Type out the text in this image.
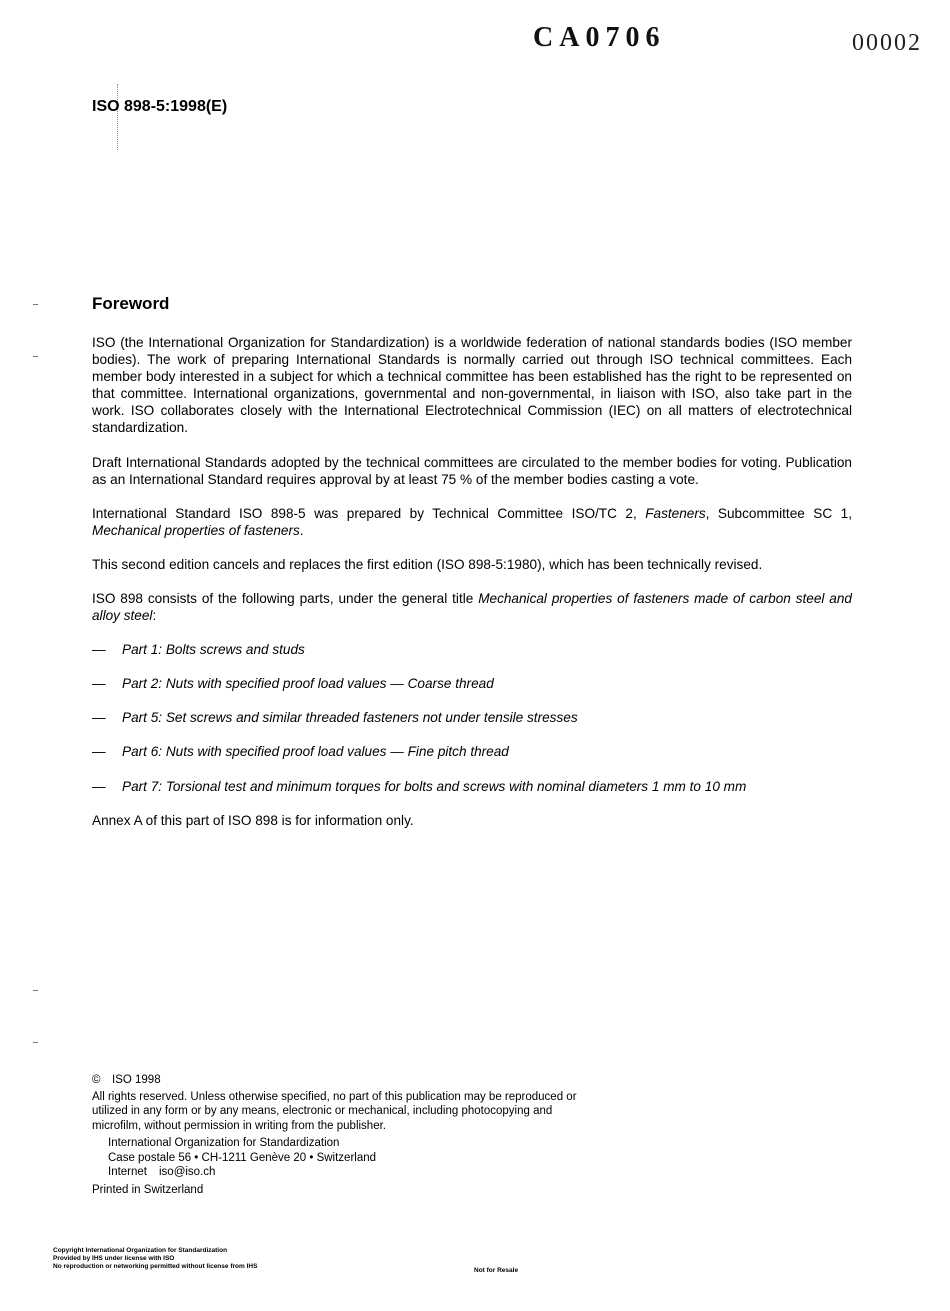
CA0706	00002
ISO 898-5:1998(E)
Foreword
ISO (the International Organization for Standardization) is a worldwide federation of national standards bodies (ISO member bodies). The work of preparing International Standards is normally carried out through ISO technical committees. Each member body interested in a subject for which a technical committee has been established has the right to be represented on that committee. International organizations, governmental and non-governmental, in liaison with ISO, also take part in the work. ISO collaborates closely with the International Electrotechnical Commission (IEC) on all matters of electrotechnical standardization.
Draft International Standards adopted by the technical committees are circulated to the member bodies for voting. Publication as an International Standard requires approval by at least 75 % of the member bodies casting a vote.
International Standard ISO 898-5 was prepared by Technical Committee ISO/TC 2, Fasteners, Subcommittee SC 1, Mechanical properties of fasteners.
This second edition cancels and replaces the first edition (ISO 898-5:1980), which has been technically revised.
ISO 898 consists of the following parts, under the general title Mechanical properties of fasteners made of carbon steel and alloy steel:
— Part 1: Bolts screws and studs
— Part 2: Nuts with specified proof load values — Coarse thread
— Part 5: Set screws and similar threaded fasteners not under tensile stresses
— Part 6: Nuts with specified proof load values — Fine pitch thread
— Part 7: Torsional test and minimum torques for bolts and screws with nominal diameters 1 mm to 10 mm
Annex A of this part of ISO 898 is for information only.
© ISO 1998
All rights reserved. Unless otherwise specified, no part of this publication may be reproduced or utilized in any form or by any means, electronic or mechanical, including photocopying and microfilm, without permission in writing from the publisher.
International Organization for Standardization
Case postale 56 • CH-1211 Genève 20 • Switzerland
Internet iso@iso.ch
Printed in Switzerland
Copyright International Organization for Standardization
Provided by IHS under license with ISO
No reproduction or networking permitted without license from IHS
Not for Resale
